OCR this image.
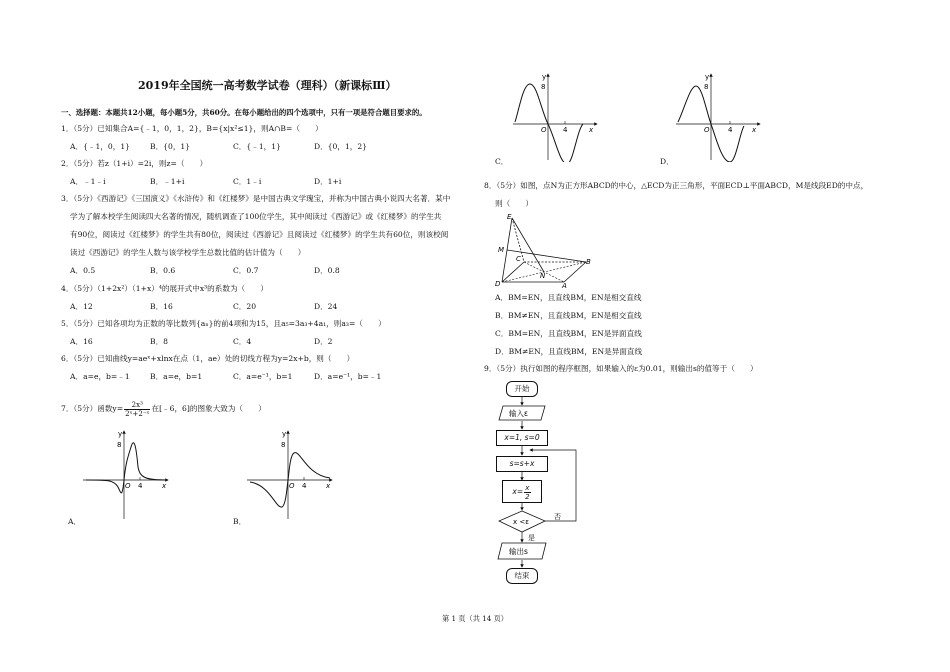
2019年全国统一高考数学试卷（理科）（新课标Ⅲ）
一、选择题：本题共12小题，每小题5分，共60分。在每小题给出的四个选项中，只有一项是符合题目要求的。
1．（5分）已知集合A={﹣1，0，1，2}，B={x|x²≤1}，则A∩B=（　　）
A．{﹣1，0，1}	B．{0，1}	C．{﹣1，1}	D．{0，1，2}
2．（5分）若z（1+i）=2i，则z=（　　）
A．﹣1﹣i	B．﹣1+i	C．1﹣i	D．1+i
3．（5分）《西游记》《三国演义》《水浒传》和《红楼梦》是中国古典文学瑰宝，并称为中国古典小说四大名著．某中
学为了解本校学生阅读四大名著的情况，随机调查了100位学生，其中阅读过《西游记》或《红楼梦》的学生共
有90位，阅读过《红楼梦》的学生共有80位，阅读过《西游记》且阅读过《红楼梦》的学生共有60位，则该校阅
读过《西游记》的学生人数与该学校学生总数比值的估计值为（　　）
A．0.5	B．0.6	C．0.7	D．0.8
4．（5分）（1+2x²）（1+x）⁴的展开式中x³的系数为（　　）
A．12	B．16	C．20	D．24
5．（5分）已知各项均为正数的等比数列{aₙ}的前4项和为15，且a₅=3a₃+4a₁，则a₃=（　　）
A．16	B．8	C．4	D．2
6．（5分）已知曲线y=aeˣ+xlnx在点（1，ae）处的切线方程为y=2x+b，则（　　）
A．a=e，b=﹣1	B．a=e，b=1	C．a=e⁻¹，b=1	D．a=e⁻¹，b=﹣1
7．（5分）函数$y= \frac{\text{2x³}}{\text{2ˣ+2⁻ˣ}}$ 在[﹣6，6]的图象大致为（　　）
y
8
O 4	x
A．
y
8
O 4	x
B．
y
8
O 4	x
C．
y
8
O	4	x
D．
8．（5分）如图，点N为正方形ABCD的中心，△ECD为正三角形，平面ECD⊥平面ABCD，M是线段ED的中点，
则（　　）
E
M
C
N
B
D	A
A．BM=EN，且直线BM，EN是相交直线
B．BM≠EN，且直线BM，EN是相交直线
C．BM=EN，且直线BM，EN是异面直线
D．BM≠EN，且直线BM，EN是异面直线
9．（5分）执行如图的程序框图，如果输入的ε为0.01，则输出s的值等于（　　）
x <ε
否
是
输出s
输入ε
开始
x=1, s=0
s=s+x
$x= \frac{x}{2}$
结束
第 1 页（共 14 页）
